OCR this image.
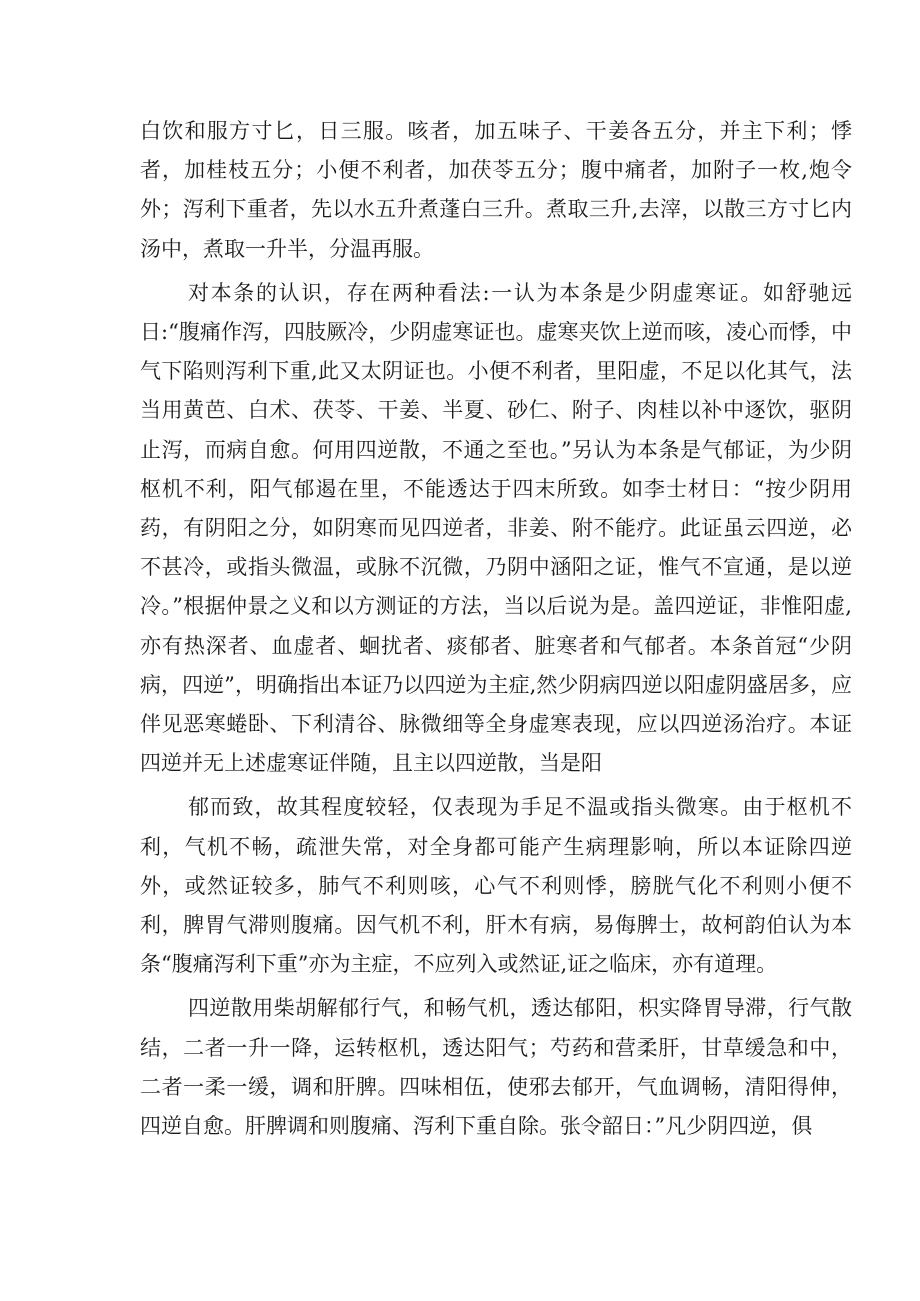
白饮和服方寸匕，日三服。咳者，加五味子、干姜各五分，并主下利；悸者，加桂枝五分；小便不利者，加茯苓五分；腹中痛者，加附子一枚,炮令外；泻利下重者，先以水五升煮蓬白三升。煮取三升,去滓，以散三方寸匕内汤中，煮取一升半，分温再服。

对本条的认识，存在两种看法:一认为本条是少阴虚寒证。如舒驰远日:“腹痛作泻，四肢厥冷，少阴虚寒证也。虚寒夹饮上逆而咳，凌心而悸，中气下陷则泻利下重,此又太阴证也。小便不利者，里阳虚，不足以化其气，法当用黄芭、白术、茯苓、干姜、半夏、砂仁、附子、肉桂以补中逐饮，驱阴止泻，而病自愈。何用四逆散，不通之至也。”另认为本条是气郁证，为少阴枢机不利，阳气郁遏在里，不能透达于四末所致。如李士材日：“按少阴用药，有阴阳之分，如阴寒而见四逆者，非姜、附不能疗。此证虽云四逆，必不甚冷，或指头微温，或脉不沉微，乃阴中涵阳之证，惟气不宣通，是以逆冷。”根据仲景之义和以方测证的方法，当以后说为是。盖四逆证，非惟阳虚,亦有热深者、血虚者、蛔扰者、痰郁者、脏寒者和气郁者。本条首冠“少阴病，四逆”，明确指出本证乃以四逆为主症,然少阴病四逆以阳虚阴盛居多，应伴见恶寒蜷卧、下利清谷、脉微细等全身虚寒表现，应以四逆汤治疗。本证四逆并无上述虚寒证伴随，且主以四逆散，当是阳

郁而致，故其程度较轻，仅表现为手足不温或指头微寒。由于枢机不利，气机不畅，疏泄失常，对全身都可能产生病理影响，所以本证除四逆外，或然证较多，肺气不利则咳，心气不利则悸，膀胱气化不利则小便不利，脾胃气滞则腹痛。因气机不利，肝木有病，易侮脾士，故柯韵伯认为本条“腹痛泻利下重”亦为主症，不应列入或然证,证之临床，亦有道理。

四逆散用柴胡解郁行气，和畅气机，透达郁阳，枳实降胃导滞，行气散结，二者一升一降，运转枢机，透达阳气；芍药和营柔肝，甘草缓急和中，二者一柔一缓，调和肝脾。四味相伍，使邪去郁开，气血调畅，清阳得伸，四逆自愈。肝脾调和则腹痛、泻利下重自除。张令韶日：”凡少阴四逆，俱
